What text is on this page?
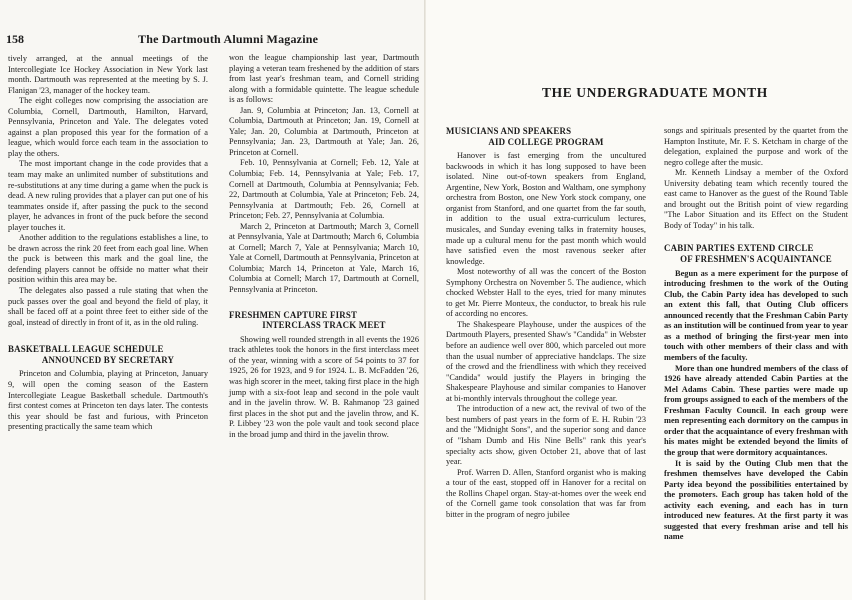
158	The Dartmouth Alumni Magazine

tively arranged, at the annual meetings of the Intercollegiate Ice Hockey Association in New York last month. Dartmouth was represented at the meeting by S. J. Flanigan '23, manager of the hockey team.

The eight colleges now comprising the association are Columbia, Cornell, Dartmouth, Hamilton, Harvard, Pennsylvania, Princeton and Yale. The delegates voted against a plan proposed this year for the formation of a league, which would force each team in the association to play the others.

The most important change in the code provides that a team may make an unlimited number of substitutions and re-substitutions at any time during a game when the puck is dead. A new ruling provides that a player can put one of his teammates onside if, after passing the puck to the second player, he advances in front of the puck before the second player touches it.

Another addition to the regulations establishes a line, to be drawn across the rink 20 feet from each goal line. When the puck is between this mark and the goal line, the defending players cannot be offside no matter what their position within this area may be.

The delegates also passed a rule stating that when the puck passes over the goal and beyond the field of play, it shall be faced off at a point three feet to either side of the goal, instead of directly in front of it, as in the old ruling.

BASKETBALL LEAGUE SCHEDULE
ANNOUNCED BY SECRETARY

Princeton and Columbia, playing at Princeton, January 9, will open the coming season of the Eastern Intercollegiate League Basketball schedule. Dartmouth's first contest comes at Princeton ten days later. The contests this year should be fast and furious, with Princeton presenting practically the same team which

won the league championship last year, Dartmouth playing a veteran team freshened by the addition of stars from last year's freshman team, and Cornell striding along with a formidable quintette. The league schedule is as follows:

Jan. 9, Columbia at Princeton; Jan. 13, Cornell at Columbia, Dartmouth at Princeton; Jan. 19, Cornell at Yale; Jan. 20, Columbia at Dartmouth, Princeton at Pennsylvania; Jan. 23, Dartmouth at Yale; Jan. 26, Princeton at Cornell.

Feb. 10, Pennsylvania at Cornell; Feb. 12, Yale at Columbia; Feb. 14, Pennsylvania at Yale; Feb. 17, Cornell at Dartmouth, Columbia at Pennsylvania; Feb. 22, Dartmouth at Columbia, Yale at Princeton; Feb. 24, Pennsylvania at Dartmouth; Feb. 26, Cornell at Princeton; Feb. 27, Pennsylvania at Columbia.

March 2, Princeton at Dartmouth; March 3, Cornell at Pennsylvania, Yale at Dartmouth; March 6, Columbia at Cornell; March 7, Yale at Pennsylvania; March 10, Yale at Cornell, Dartmouth at Pennsylvania, Princeton at Columbia; March 14, Princeton at Yale, March 16, Columbia at Cornell; March 17, Dartmouth at Cornell, Pennsylvania at Princeton.

FRESHMEN CAPTURE FIRST
INTERCLASS TRACK MEET

Showing well rounded strength in all events the 1926 track athletes took the honors in the first interclass meet of the year, winning with a score of 54 points to 37 for 1925, 26 for 1923, and 9 for 1924. L. B. McFadden '26, was high scorer in the meet, taking first place in the high jump with a six-foot leap and second in the pole vault and in the javelin throw. W. B. Rahmanop '23 gained first places in the shot put and the javelin throw, and K. P. Libbey '23 won the pole vault and took second place in the broad jump and third in the javelin throw.

THE UNDERGRADUATE MONTH
MUSICIANS AND SPEAKERS
AID COLLEGE PROGRAM

Hanover is fast emerging from the uncultured backwoods in which it has long supposed to have been isolated. Nine out-of-town speakers from England, Argentine, New York, Boston and Waltham, one symphony orchestra from Boston, one New York stock company, one organist from Stanford, and one quartet from the far south, in addition to the usual extra-curriculum lectures, musicales, and Sunday evening talks in fraternity houses, made up a cultural menu for the past month which would have satisfied even the most ravenous seeker after knowledge.

Most noteworthy of all was the concert of the Boston Symphony Orchestra on November 5. The audience, which chocked Webster Hall to the eyes, tried for many minutes to get Mr. Pierre Monteux, the conductor, to break his rule of according no encores.

The Shakespeare Playhouse, under the auspices of the Dartmouth Players, presented Shaw's "Candida" in Webster before an audience well over 800, which parceled out more than the usual number of appreciative handclaps. The size of the crowd and the friendliness with which they received "Candida" would justify the Players in bringing the Shakespeare Playhouse and similar companies to Hanover at bi-monthly intervals throughout the college year.

The introduction of a new act, the revival of two of the best numbers of past years in the form of E. H. Rubin '23 and the "Midnight Sons", and the superior song and dance of "Isham Dumb and His Nine Bells" rank this year's specialty acts show, given October 21, above that of last year.

Prof. Warren D. Allen, Stanford organist who is making a tour of the east, stopped off in Hanover for a recital on the Rollins Chapel organ. Stay-at-homes over the week end of the Cornell game took consolation that was far from bitter in the program of negro jubilee

songs and spirituals presented by the quartet from the Hampton Institute, Mr. F. S. Ketcham in charge of the delegation, explained the purpose and work of the negro college after the music.

Mr. Kenneth Lindsay a member of the Oxford University debating team which recently toured the east came to Hanover as the guest of the Round Table and brought out the British point of view regarding "The Labor Situation and its Effect on the Student Body of Today" in his talk.

CABIN PARTIES EXTEND CIRCLE
OF FRESHMEN'S ACQUAINTANCE

Begun as a mere experiment for the purpose of introducing freshmen to the work of the Outing Club, the Cabin Party idea has developed to such an extent this fall, that Outing Club officers announced recently that the Freshman Cabin Party as an institution will be continued from year to year as a method of bringing the first-year men into touch with other members of their class and with members of the faculty.

More than one hundred members of the class of 1926 have already attended Cabin Parties at the Mel Adams Cabin. These parties were made up from groups assigned to each of the members of the Freshman Faculty Council. In each group were men representing each dormitory on the campus in order that the acquaintance of every freshman with his mates might be extended beyond the limits of the group that were dormitory acquaintances.

It is said by the Outing Club men that the freshmen themselves have developed the Cabin Party idea beyond the possibilities entertained by the promoters. Each group has taken hold of the activity each evening, and each has in turn introduced new features. At the first party it was suggested that every freshman arise and tell his name
